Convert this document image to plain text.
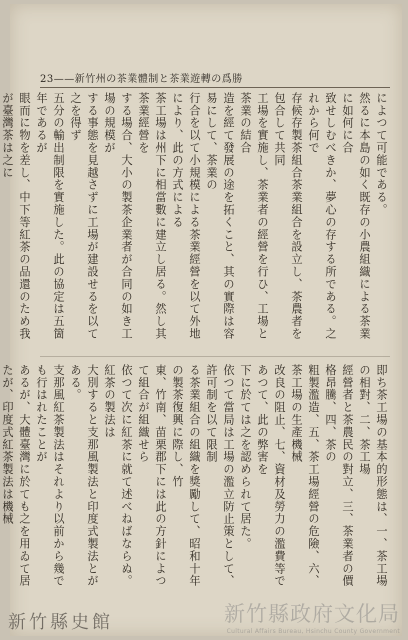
23——新竹州の茶業體制と茶業遊轉の爲勝

によつて可能である。
然るに本島の如く既存の小農組織による茶業に如何に合
致せしむべきか、夢心の存する所である。之れから何で
存候存製茶組合茶業組合を設立し、茶農者を包合して共同
工場を實施し、茶業者の經營を行ひ、工場と茶業の結合
造を經て發展の途を拓くこと、其の實際は容易にして、茶業の
行合を以て小規模による茶業經營を以て外地により、此の方式による
茶工場は州下に相當數に建立し居る。然し其茶業經營を
する場合、大小の製茶企業者が合同の如き工場の規模が
する事態を見越さずに工場が建設せるを以て之を得ず

五分の輸出制限を實施した。此の協定は五箇年であるが
眼而に物を差し、中下等紅茶の品還のため我が臺灣茶は之に

即ち茶工場の基本的形態は、一、茶工場の相對、二、茶工場
經營者と茶農民の對立、三、茶業者の價格昂騰、四、茶の
粗製濫造、五、茶工場經營の危險、六、茶工場の生產機械
改良の阻止、七、資材及勞力の濫費等であつて、此の弊害を
下に於ては之を認められて居た。
依つて當局は工場の濫立防止策として、許可制を以て限制
る茶業組合の組織を獎勵して、昭和十年の製茶復興に際し、竹
東、竹南、苗栗郡下には此の方針によつて組合が組織せら

依つて次に紅茶に就て述べねばならぬ。紅茶の製法は
大別すると支那風製法と印度式製法とがある。
支那風紅茶製法はそれより以前から幾でも行はれたことが
あるが、大體臺灣に於ても之を用ゐて居たが、印度式紅茶製法は機械

新竹縣史館	新竹縣政府文化局
Cultural Affairs Bureau, Hsinchu County Government
